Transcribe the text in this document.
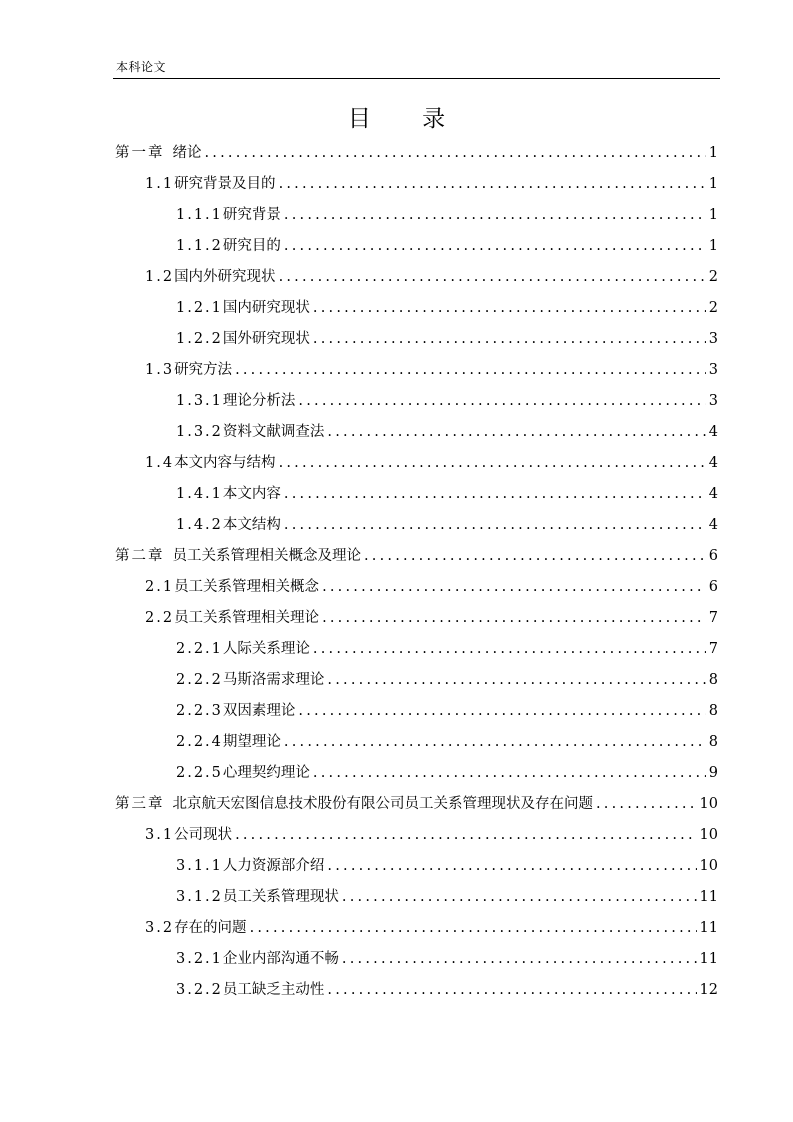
本科论文
目 录
第一章 绪论 .....	1
1.1 研究背景及目的 .....	1
1.1.1 研究背景 .....	1
1.1.2 研究目的 .....	1
1.2 国内外研究现状 .....	2
1.2.1 国内研究现状 .....	2
1.2.2 国外研究现状 .....	3
1.3 研究方法 .....	3
1.3.1 理论分析法 .....	3
1.3.2 资料文献调查法 .....	4
1.4 本文内容与结构 .....	4
1.4.1 本文内容 .....	4
1.4.2 本文结构 .....	4
第二章 员工关系管理相关概念及理论 .....	6
2.1 员工关系管理相关概念 .....	6
2.2 员工关系管理相关理论 .....	7
2.2.1 人际关系理论 .....	7
2.2.2 马斯洛需求理论 .....	8
2.2.3 双因素理论 .....	8
2.2.4 期望理论 .....	8
2.2.5 心理契约理论 .....	9
第三章 北京航天宏图信息技术股份有限公司员工关系管理现状及存在问题 .....	10
3.1 公司现状 .....	10
3.1.1 人力资源部介绍 .....	10
3.1.2 员工关系管理现状 .....	11
3.2 存在的问题 .....	11
3.2.1 企业内部沟通不畅 .....	11
3.2.2 员工缺乏主动性 .....	12
